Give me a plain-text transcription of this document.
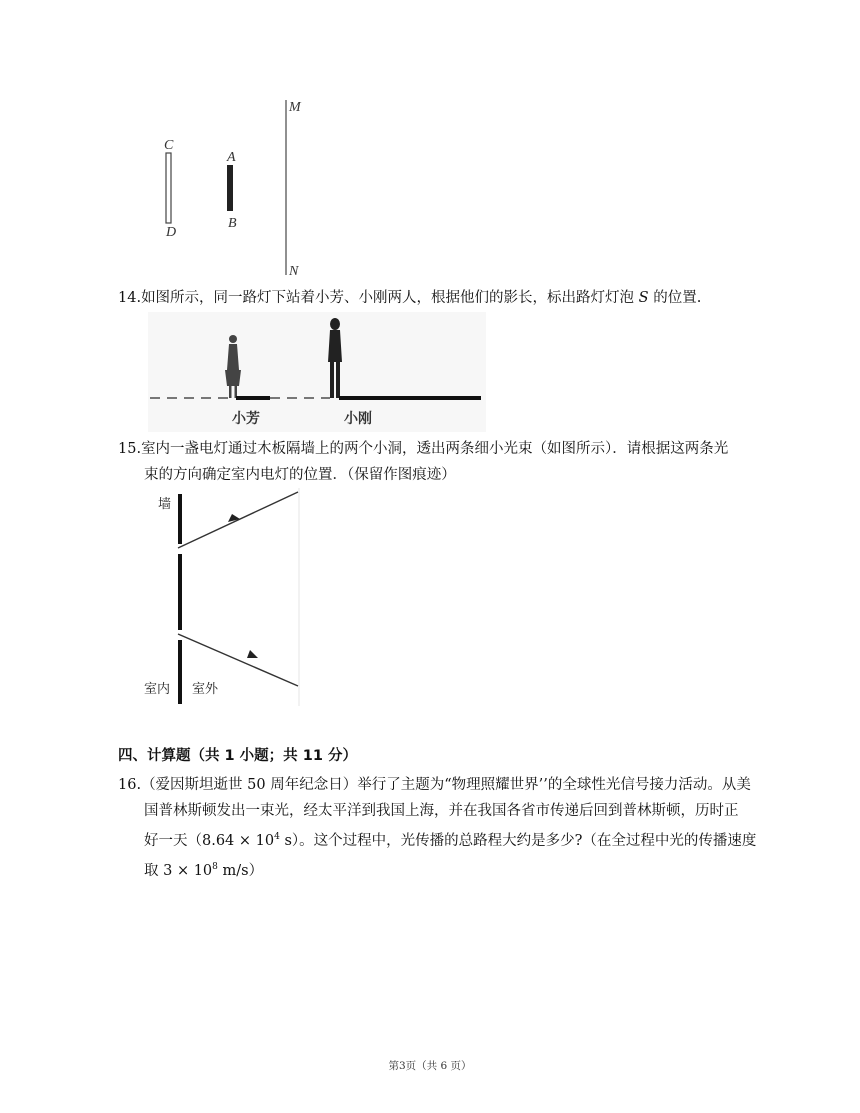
C
D
A
B
M
N
14.如图所示，同一路灯下站着小芳、小刚两人，根据他们的影长，标出路灯灯泡 S 的位置.
小芳	小刚
15.室内一盏电灯通过木板隔墙上的两个小洞，透出两条细小光束（如图所示）．请根据这两条光
束的方向确定室内电灯的位置．（保留作图痕迹）
墙
室内 室外
四、计算题（共 1 小题；共 11 分）
16.（爱因斯坦逝世 50 周年纪念日）举行了主题为“物理照耀世界’’的全球性光信号接力活动。从美
国普林斯顿发出一束光，经太平洋到我国上海，并在我国各省市传递后回到普林斯顿，历时正
好一天（$8.64 \times 10^4$ s）。这个过程中，光传播的总路程大约是多少?（在全过程中光的传播速度
取 $3 \times 10^8$ m/s）
第3页（共 6 页）
